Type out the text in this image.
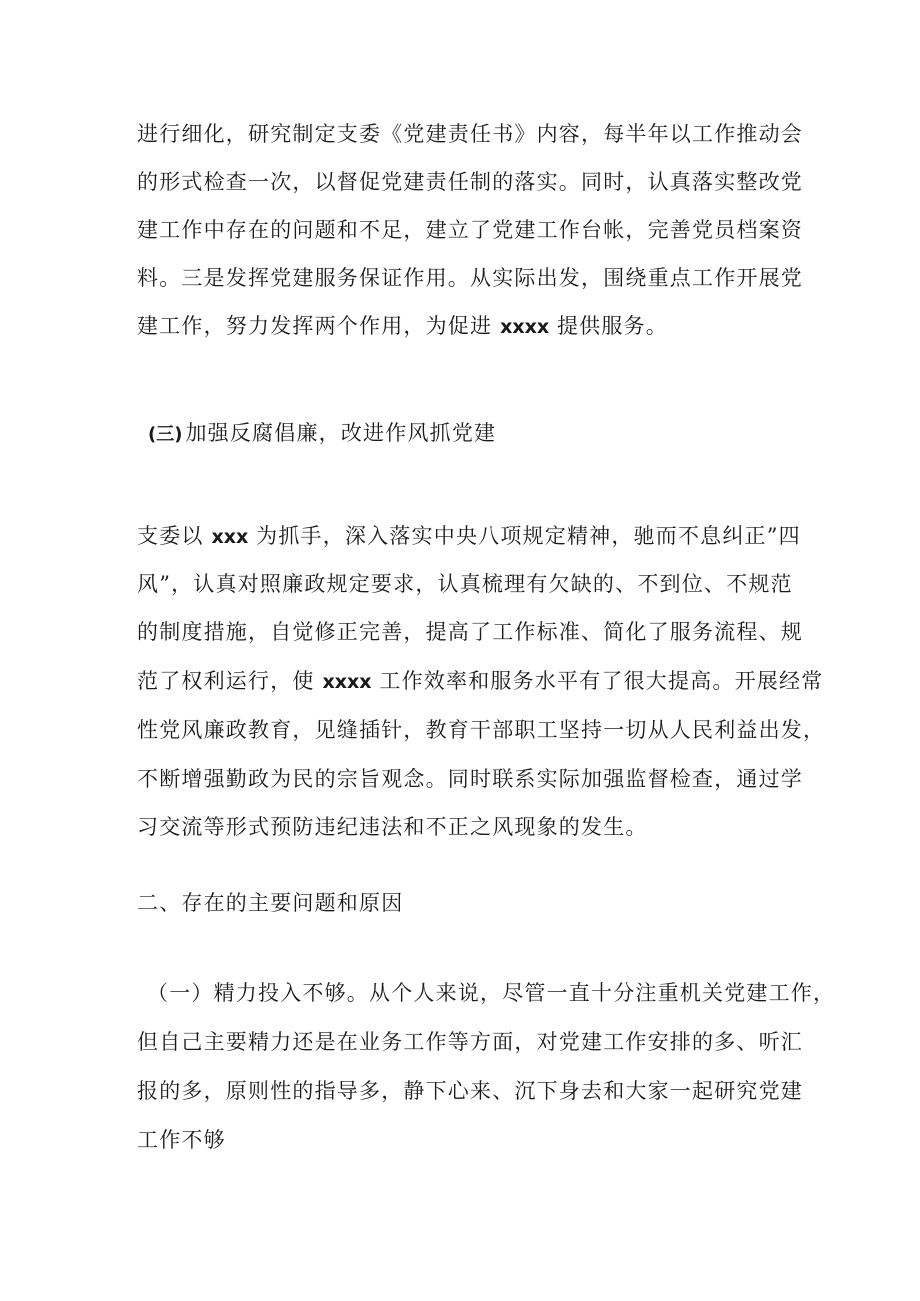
进行细化，研究制定支委《党建责任书》内容，每半年以工作推动会
的形式检查一次，以督促党建责任制的落实。同时，认真落实整改党
建工作中存在的问题和不足，建立了党建工作台帐，完善党员档案资
料。三是发挥党建服务保证作用。从实际出发，围绕重点工作开展党
建工作，努力发挥两个作用，为促进 xxxx 提供服务。
(三) 加强反腐倡廉，改进作风抓党建
支委以 xxx 为抓手，深入落实中央八项规定精神，驰而不息纠正”四
风”，认真对照廉政规定要求，认真梳理有欠缺的、不到位、不规范
的制度措施，自觉修正完善，提高了工作标准、简化了服务流程、规
范了权利运行，使 xxxx 工作效率和服务水平有了很大提高。开展经常
性党风廉政教育，见缝插针，教育干部职工坚持一切从人民利益出发，
不断增强勤政为民的宗旨观念。同时联系实际加强监督检查，通过学
习交流等形式预防违纪违法和不正之风现象的发生。
二、存在的主要问题和原因
（一）精力投入不够。从个人来说，尽管一直十分注重机关党建工作，
但自己主要精力还是在业务工作等方面，对党建工作安排的多、听汇
报的多，原则性的指导多，静下心来、沉下身去和大家一起研究党建
工作不够
